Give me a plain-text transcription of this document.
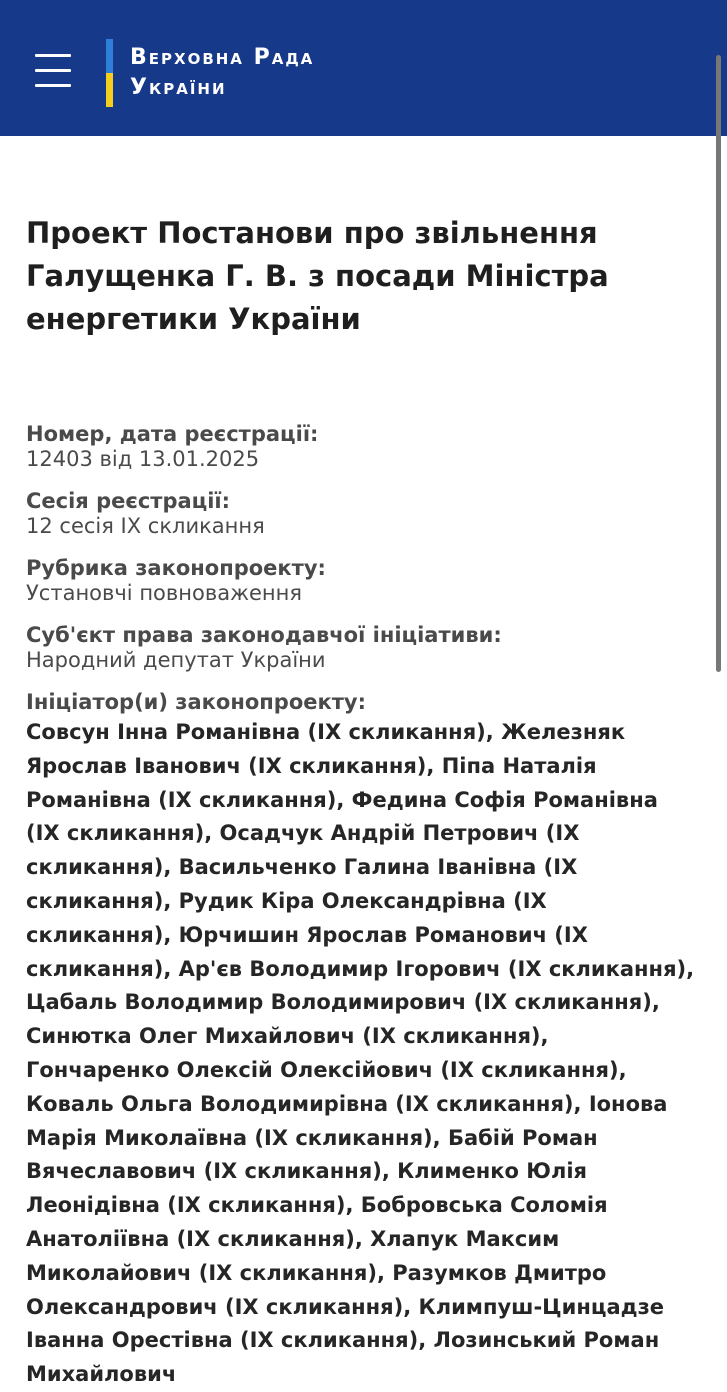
Верховна Рада
України
Проект Постанови про звільнення Галущенка Г. В. з посади Міністра енергетики України
Номер, дата реєстрації:
12403 від 13.01.2025
Сесія реєстрації:
12 сесія IX скликання
Рубрика законопроекту:
Установчі повноваження
Суб'єкт права законодавчої ініціативи:
Народний депутат України
Ініціатор(и) законопроекту:
Совсун Інна Романівна (IX скликання), Железняк Ярослав Іванович (IX скликання), Піпа Наталія Романівна (IX скликання), Федина Софія Романівна (IX скликання), Осадчук Андрій Петрович (IX скликання), Васильченко Галина Іванівна (IX скликання), Рудик Кіра Олександрівна (IX скликання), Юрчишин Ярослав Романович (IX скликання), Ар'єв Володимир Ігорович (IX скликання), Цабаль Володимир Володимирович (IX скликання), Синютка Олег Михайлович (IX скликання), Гончаренко Олексій Олексійович (IX скликання), Коваль Ольга Володимирівна (IX скликання), Іонова Марія Миколаївна (IX скликання), Бабій Роман Вячеславович (IX скликання), Клименко Юлія Леонідівна (IX скликання), Бобровська Соломія Анатоліївна (IX скликання), Хлапук Максим Миколайович (IX скликання), Разумков Дмитро Олександрович (IX скликання), Климпуш-Цинцадзе Іванна Орестівна (IX скликання), Лозинський Роман Михайлович
